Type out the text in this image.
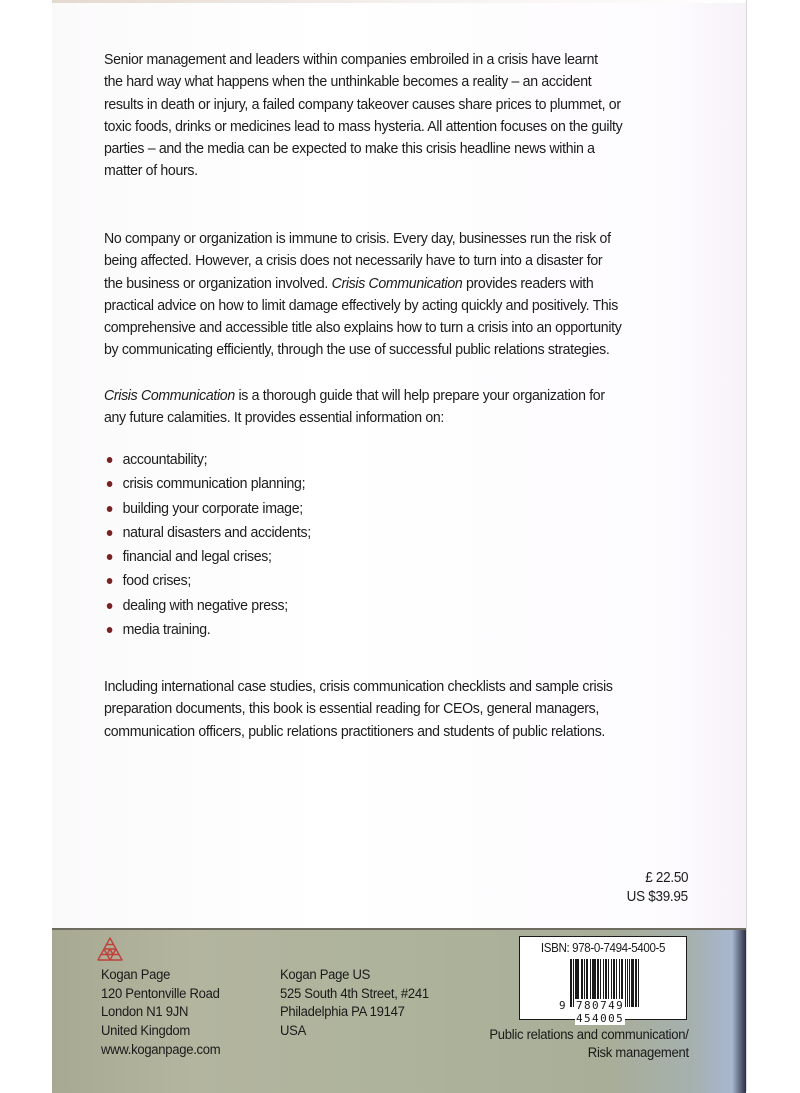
Senior management and leaders within companies embroiled in a crisis have learnt

the hard way what happens when the unthinkable becomes a reality – an accident

results in death or injury, a failed company takeover causes share prices to plummet, or

toxic foods, drinks or medicines lead to mass hysteria. All attention focuses on the guilty

parties – and the media can be expected to make this crisis headline news within a

matter of hours.

No company or organization is immune to crisis. Every day, businesses run the risk of

being affected. However, a crisis does not necessarily have to turn into a disaster for

the business or organization involved. Crisis Communication provides readers with

practical advice on how to limit damage effectively by acting quickly and positively. This

comprehensive and accessible title also explains how to turn a crisis into an opportunity

by communicating efficiently, through the use of successful public relations strategies.

Crisis Communication is a thorough guide that will help prepare your organization for

any future calamities. It provides essential information on:

accountability;
crisis communication planning;
building your corporate image;
natural disasters and accidents;
financial and legal crises;
food crises;
dealing with negative press;
media training.

Including international case studies, crisis communication checklists and sample crisis

preparation documents, this book is essential reading for CEOs, general managers,

communication officers, public relations practitioners and students of public relations.

£ 22.50
US $39.95
Kogan Page
120 Pentonville Road
London N1 9JN
United Kingdom
www.koganpage.com
Kogan Page US
525 South 4th Street, #241
Philadelphia PA 19147
USA
ISBN: 978-0-7494-5400-5
9 780749 454005
Public relations and communication/
Risk management
